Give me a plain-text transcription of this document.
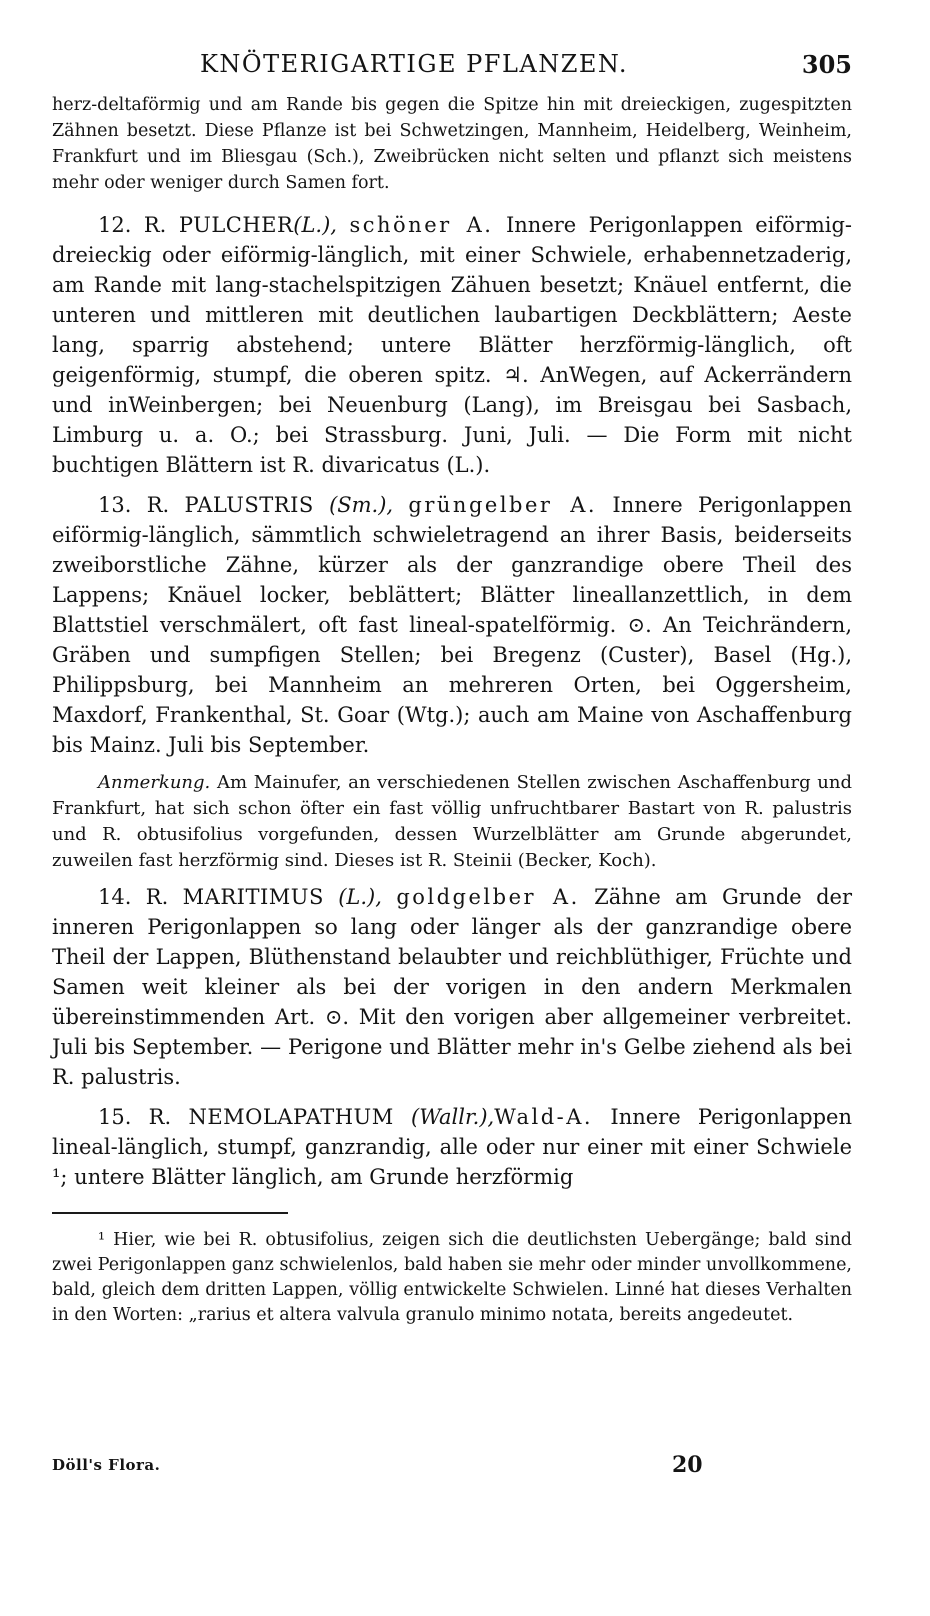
KNÖTERIGARTIGE PFLANZEN.	305

herz-deltaförmig und am Rande bis gegen die Spitze hin mit dreieckigen, zugespitzten Zähnen besetzt. Diese Pflanze ist bei Schwetzingen, Mannheim, Heidelberg, Weinheim, Frankfurt und im Bliesgau (Sch.), Zweibrücken nicht selten und pflanzt sich meistens mehr oder weniger durch Samen fort.

12. R. PULCHER(L.), schöner A. Innere Perigonlappen eiförmig-dreieckig oder eiförmig-länglich, mit einer Schwiele, erhabennetzaderig, am Rande mit lang-stachelspitzigen Zähuen besetzt; Knäuel entfernt, die unteren und mittleren mit deutlichen laubartigen Deckblättern; Aeste lang, sparrig abstehend; untere Blätter herzförmig-länglich, oft geigenförmig, stumpf, die oberen spitz. ♃. AnWegen, auf Ackerrändern und inWeinbergen; bei Neuenburg (Lang), im Breisgau bei Sasbach, Limburg u. a. O.; bei Strassburg. Juni, Juli. — Die Form mit nicht buchtigen Blättern ist R. divaricatus (L.).

13. R. PALUSTRIS (Sm.), grüngelber A. Innere Perigonlappen eiförmig-länglich, sämmtlich schwieletragend an ihrer Basis, beiderseits zweiborstliche Zähne, kürzer als der ganzrandige obere Theil des Lappens; Knäuel locker, beblättert; Blätter lineallanzettlich, in dem Blattstiel verschmälert, oft fast lineal-spatelförmig. ⊙. An Teichrändern, Gräben und sumpfigen Stellen; bei Bregenz (Custer), Basel (Hg.), Philippsburg, bei Mannheim an mehreren Orten, bei Oggersheim, Maxdorf, Frankenthal, St. Goar (Wtg.); auch am Maine von Aschaffenburg bis Mainz. Juli bis September.

Anmerkung. Am Mainufer, an verschiedenen Stellen zwischen Aschaffenburg und Frankfurt, hat sich schon öfter ein fast völlig unfruchtbarer Bastart von R. palustris und R. obtusifolius vorgefunden, dessen Wurzelblätter am Grunde abgerundet, zuweilen fast herzförmig sind. Dieses ist R. Steinii (Becker, Koch).

14. R. MARITIMUS (L.), goldgelber A. Zähne am Grunde der inneren Perigonlappen so lang oder länger als der ganzrandige obere Theil der Lappen, Blüthenstand belaubter und reichblüthiger, Früchte und Samen weit kleiner als bei der vorigen in den andern Merkmalen übereinstimmenden Art. ⊙. Mit den vorigen aber allgemeiner verbreitet. Juli bis September. — Perigone und Blätter mehr in's Gelbe ziehend als bei R. palustris.

15. R. NEMOLAPATHUM (Wallr.),Wald-A. Innere Perigonlappen lineal-länglich, stumpf, ganzrandig, alle oder nur einer mit einer Schwiele ¹; untere Blätter länglich, am Grunde herzförmig

¹ Hier, wie bei R. obtusifolius, zeigen sich die deutlichsten Uebergänge; bald sind zwei Perigonlappen ganz schwielenlos, bald haben sie mehr oder minder unvollkommene, bald, gleich dem dritten Lappen, völlig entwickelte Schwielen. Linné hat dieses Verhalten in den Worten: „rarius et altera valvula granulo minimo notata, bereits angedeutet.

Döll's Flora.	20
